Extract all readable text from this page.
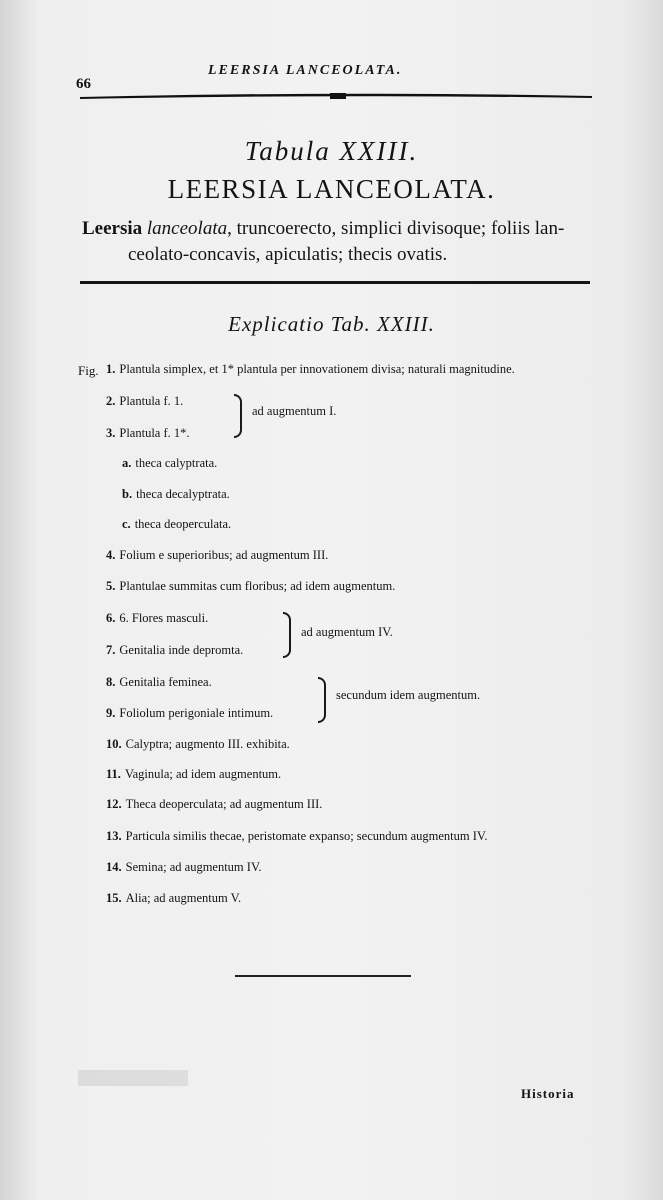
66
LEERSIA LANCEOLATA.
Tabula XXIII.
LEERSIA LANCEOLATA.
Leersia lanceolata, truncoerecto, simplici divisoque; foliis lan-
ceolato-concavis, apiculatis; thecis ovatis.
Explicatio Tab. XXIII.
Fig. 1. Plantula simplex, et 1* plantula per innovationem divisa; naturali magnitudine.
2. Plantula f. 1.
3. Plantula f. 1*.
a. theca calyptrata.
b. theca decalyptrata.
c. theca deoperculata.
4. Folium e superioribus; ad augmentum III.
5. Plantulae summitas cum floribus; ad idem augmentum.
6. 6. Flores masculi.
7. Genitalia inde depromta.
8. Genitalia feminea.
9. Foliolum perigoniale intimum.
10. Calyptra; augmento III. exhibita.
11. Vaginula; ad idem augmentum.
12. Theca deoperculata; ad augmentum III.
13. Particula similis thecae, peristomate expanso; secundum augmentum IV.
14. Semina; ad augmentum IV.
15. Alia; ad augmentum V.
ad augmentum I.
ad augmentum IV.
secundum idem augmentum.
Historia
